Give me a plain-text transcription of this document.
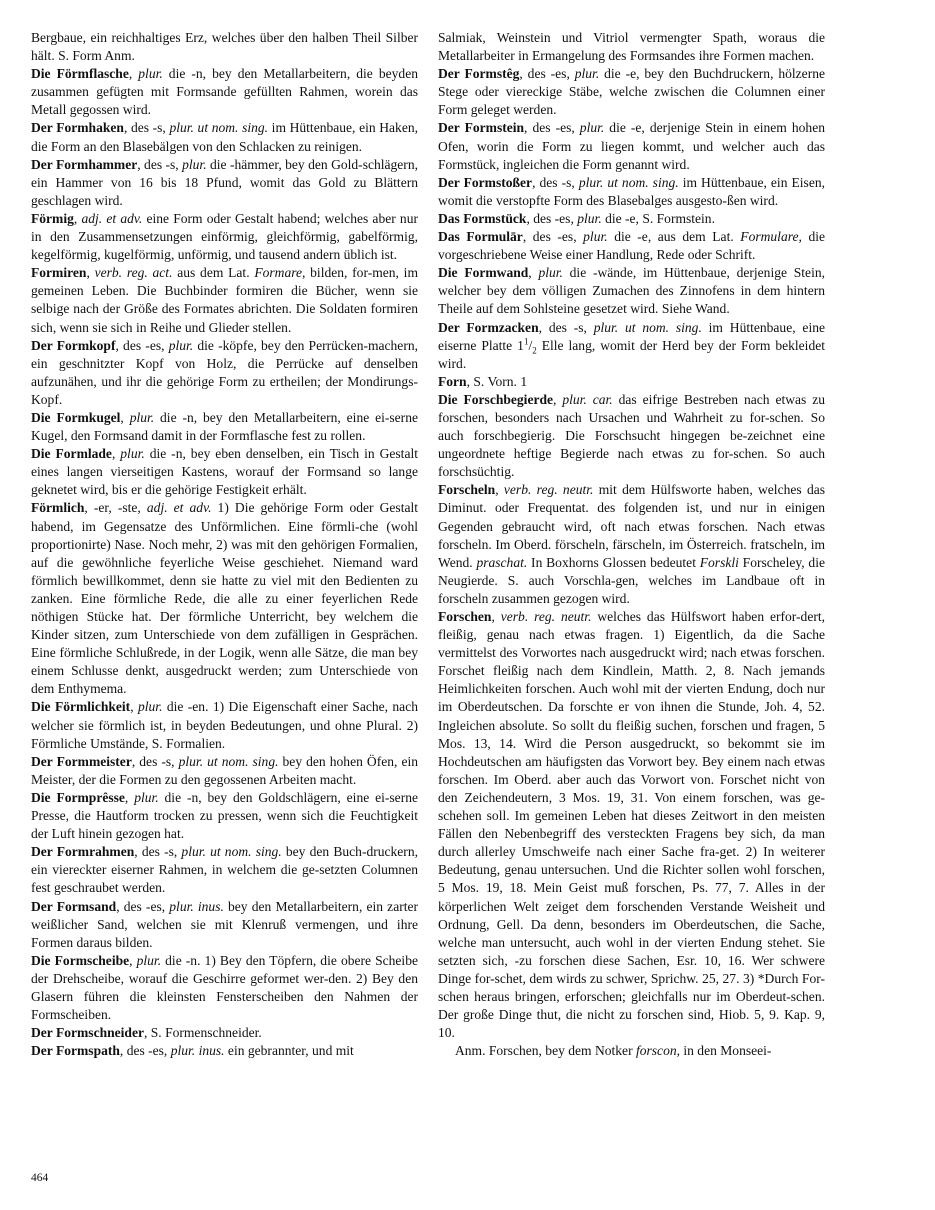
Bergbaue, ein reichhaltiges Erz, welches über den halben Theil Silber hält. S. Form Anm.

Die Förmflasche, plur. die -n, bey den Metallarbeitern, die beyden zusammen gefügten mit Formsande gefüllten Rahmen, worein das Metall gegossen wird.

Der Formhaken, des -s, plur. ut nom. sing. im Hüttenbaue, ein Haken, die Form an den Blasebälgen von den Schlacken zu reinigen.

Der Formhammer, des -s, plur. die -hämmer, bey den Gold-schlägern, ein Hammer von 16 bis 18 Pfund, womit das Gold zu Blättern geschlagen wird.

Förmig, adj. et adv. eine Form oder Gestalt habend; welches aber nur in den Zusammensetzungen einförmig, gleichförmig, gabelförmig, kegelförmig, kugelförmig, unförmig, und tausend andern üblich ist.

Formiren, verb. reg. act. aus dem Lat. Formare, bilden, for-men, im gemeinen Leben. Die Buchbinder formiren die Bücher, wenn sie selbige nach der Größe des Formates abrichten. Die Soldaten formiren sich, wenn sie sich in Reihe und Glieder stellen.

Der Formkopf, des -es, plur. die -köpfe, bey den Perrücken-machern, ein geschnitzter Kopf von Holz, die Perrücke auf denselben aufzunähen, und ihr die gehörige Form zu ertheilen; der Mondirungs-Kopf.

Die Formkugel, plur. die -n, bey den Metallarbeitern, eine ei-serne Kugel, den Formsand damit in der Formflasche fest zu rollen.

Die Formlade, plur. die -n, bey eben denselben, ein Tisch in Gestalt eines langen vierseitigen Kastens, worauf der Formsand so lange geknetet wird, bis er die gehörige Festigkeit erhält.

Förmlich, -er, -ste, adj. et adv. 1) Die gehörige Form oder Gestalt habend, im Gegensatze des Unförmlichen. Eine förmli-che (wohl proportionirte) Nase. Noch mehr, 2) was mit den gehörigen Formalien, auf die gewöhnliche feyerliche Weise geschiehet. Niemand ward förmlich bewillkommet, denn sie hatte zu viel mit den Bedienten zu zanken. Eine förmliche Rede, die alle zu einer feyerlichen Rede nöthigen Stücke hat. Der förmliche Unterricht, bey welchem die Kinder sitzen, zum Unterschiede von dem zufälligen in Gesprächen. Eine förmliche Schlußrede, in der Logik, wenn alle Sätze, die man bey einem Schlusse denkt, ausgedruckt werden; zum Unterschiede von dem Enthymema.

Die Förmlichkeit, plur. die -en. 1) Die Eigenschaft einer Sache, nach welcher sie förmlich ist, in beyden Bedeutungen, und ohne Plural. 2) Förmliche Umstände, S. Formalien.

Der Formmeister, des -s, plur. ut nom. sing. bey den hohen Öfen, ein Meister, der die Formen zu den gegossenen Arbeiten macht.

Die Formprêsse, plur. die -n, bey den Goldschlägern, eine ei-serne Presse, die Hautform trocken zu pressen, wenn sich die Feuchtigkeit der Luft hinein gezogen hat.

Der Formrahmen, des -s, plur. ut nom. sing. bey den Buch-druckern, ein viereckter eiserner Rahmen, in welchem die ge-setzten Columnen fest geschraubet werden.

Der Formsand, des -es, plur. inus. bey den Metallarbeitern, ein zarter weißlicher Sand, welchen sie mit Klenruß vermengen, und ihre Formen daraus bilden.

Die Formscheibe, plur. die -n. 1) Bey den Töpfern, die obere Scheibe der Drehscheibe, worauf die Geschirre geformet wer-den. 2) Bey den Glasern führen die kleinsten Fensterscheiben den Nahmen der Formscheiben.

Der Formschneider, S. Formenschneider.

Der Formspath, des -es, plur. inus. ein gebrannter, und mit

Salmiak, Weinstein und Vitriol vermengter Spath, woraus die Metallarbeiter in Ermangelung des Formsandes ihre Formen machen.

Der Formstêg, des -es, plur. die -e, bey den Buchdruckern, hölzerne Stege oder viereckige Stäbe, welche zwischen die Columnen einer Form geleget werden.

Der Formstein, des -es, plur. die -e, derjenige Stein in einem hohen Ofen, worin die Form zu liegen kommt, und welcher auch das Formstück, ingleichen die Form genannt wird.

Der Formstoßer, des -s, plur. ut nom. sing. im Hüttenbaue, ein Eisen, womit die verstopfte Form des Blasebalges ausgesto-ßen wird.

Das Formstück, des -es, plur. die -e, S. Formstein.

Das Formulār, des -es, plur. die -e, aus dem Lat. Formulare, die vorgeschriebene Weise einer Handlung, Rede oder Schrift.

Die Formwand, plur. die -wände, im Hüttenbaue, derjenige Stein, welcher bey dem völligen Zumachen des Zinnofens in dem hintern Theile auf dem Sohlsteine gesetzet wird. Siehe Wand.

Der Formzacken, des -s, plur. ut nom. sing. im Hüttenbaue, eine eiserne Platte $1^1/_2$ Elle lang, womit der Herd bey der Form bekleidet wird.

Forn, S. Vorn. 1

Die Forschbegierde, plur. car. das eifrige Bestreben nach etwas zu forschen, besonders nach Ursachen und Wahrheit zu for-schen. So auch forschbegierig. Die Forschsucht hingegen be-zeichnet eine ungeordnete heftige Begierde nach etwas zu for-schen. So auch forschsüchtig.

Forscheln, verb. reg. neutr. mit dem Hülfsworte haben, welches das Diminut. oder Frequentat. des folgenden ist, und nur in einigen Gegenden gebraucht wird, oft nach etwas forschen. Nach etwas forscheln. Im Oberd. förscheln, färscheln, im Österreich. fratscheln, im Wend. praschat. In Boxhorns Glossen bedeutet Forskli Forscheley, die Neugierde. S. auch Vorschla-gen, welches im Landbaue oft in forscheln zusammen gezogen wird.

Forschen, verb. reg. neutr. welches das Hülfswort haben erfor-dert, fleißig, genau nach etwas fragen. 1) Eigentlich, da die Sache vermittelst des Vorwortes nach ausgedruckt wird; nach etwas forschen. Forschet fleißig nach dem Kindlein, Matth. 2, 8. Nach jemands Heimlichkeiten forschen. Auch wohl mit der vierten Endung, doch nur im Oberdeutschen. Da forschte er von ihnen die Stunde, Joh. 4, 52. Ingleichen absolute. So sollt du fleißig suchen, forschen und fragen, 5 Mos. 13, 14. Wird die Person ausgedruckt, so bekommt sie im Hochdeutschen am häufigsten das Vorwort bey. Bey einem nach etwas forschen. Im Oberd. aber auch das Vorwort von. Forschet nicht von den Zeichendeutern, 3 Mos. 19, 31. Von einem forschen, was ge-schehen soll. Im gemeinen Leben hat dieses Zeitwort in den meisten Fällen den Nebenbegriff des versteckten Fragens bey sich, da man durch allerley Umschweife nach einer Sache fra-get. 2) In weiterer Bedeutung, genau untersuchen. Und die Richter sollen wohl forschen, 5 Mos. 19, 18. Mein Geist muß forschen, Ps. 77, 7. Alles in der körperlichen Welt zeiget dem forschenden Verstande Weisheit und Ordnung, Gell. Da denn, besonders im Oberdeutschen, die Sache, welche man untersucht, auch wohl in der vierten Endung stehet. Sie setzten sich, -zu forschen diese Sachen, Esr. 10, 16. Wer schwere Dinge for-schet, dem wirds zu schwer, Sprichw. 25, 27. 3) *Durch For-schen heraus bringen, erforschen; gleichfalls nur im Oberdeut-schen. Der große Dinge thut, die nicht zu forschen sind, Hiob. 5, 9. Kap. 9, 10.

Anm. Forschen, bey dem Notker forscon, in den Monseei-

464
